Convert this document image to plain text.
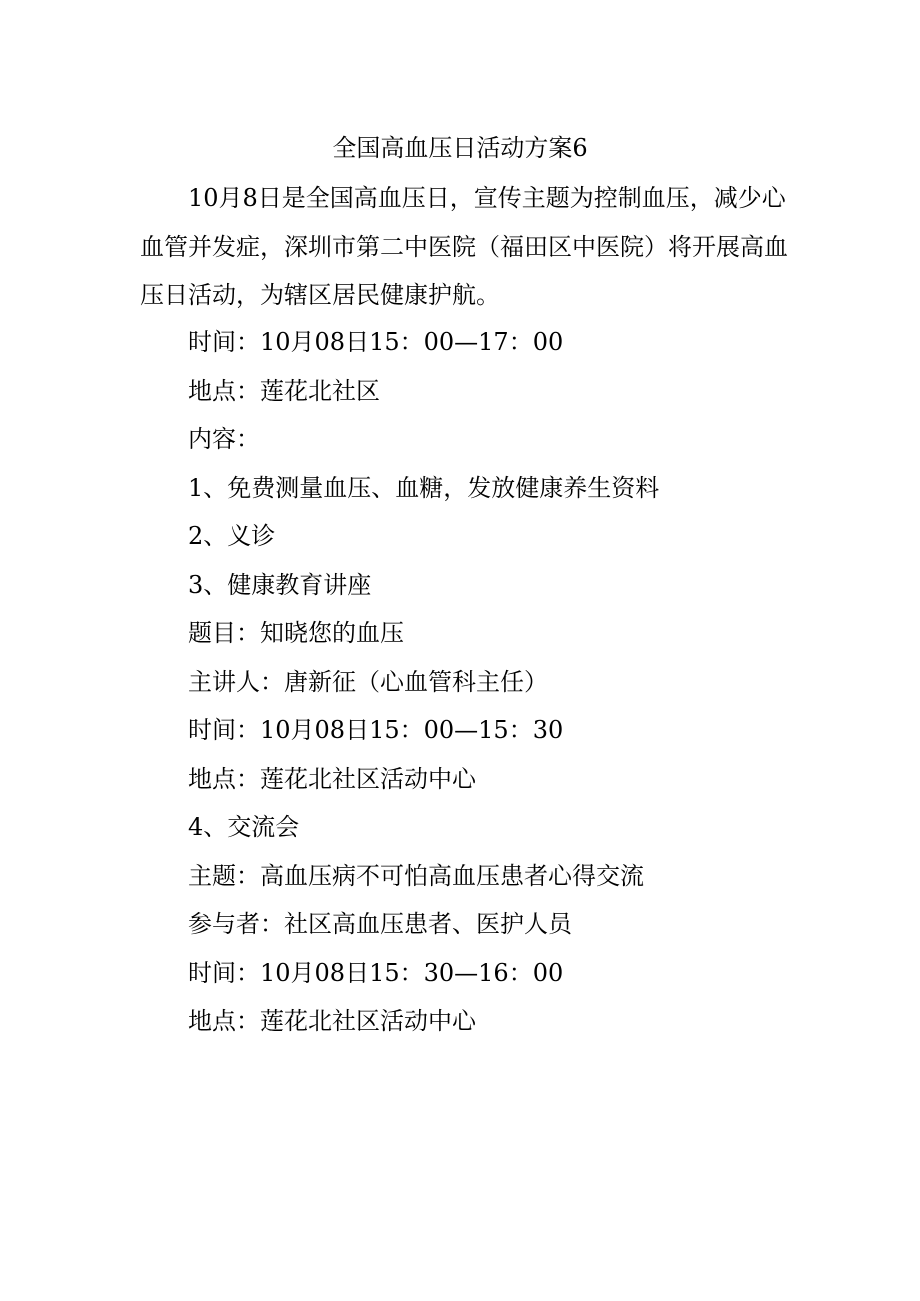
全国高血压日活动方案6

10月8日是全国高血压日，宣传主题为控制血压，减少心血管并发症，深圳市第二中医院（福田区中医院）将开展高血压日活动，为辖区居民健康护航。

时间：10月08日15：00—17：00
地点：莲花北社区
内容：
1、免费测量血压、血糖，发放健康养生资料
2、义诊
3、健康教育讲座
题目：知晓您的血压
主讲人：唐新征（心血管科主任）
时间：10月08日15：00—15：30
地点：莲花北社区活动中心
4、交流会
主题：高血压病不可怕高血压患者心得交流
参与者：社区高血压患者、医护人员
时间：10月08日15：30—16：00
地点：莲花北社区活动中心
